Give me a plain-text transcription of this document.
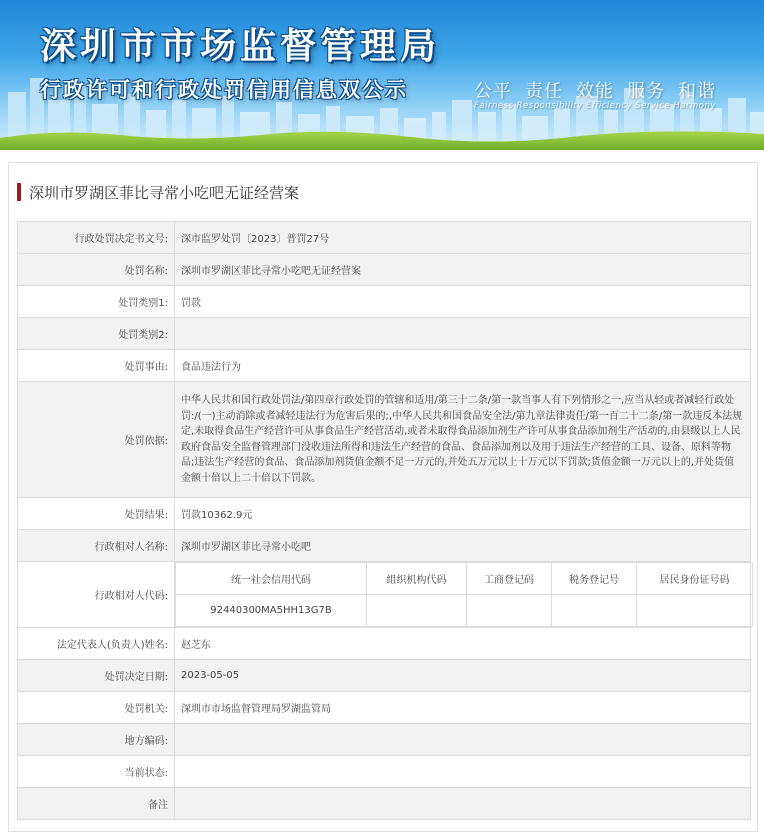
深圳市市场监督管理局
行政许可和行政处罚信用信息双公示	公平 责任 效能 服务 和谐
Fairness Responsibility Efficiency Service Harmony
深圳市罗湖区菲比寻常小吃吧无证经营案
行政处罚决定书文号:	深市监罗处罚〔2023〕普罚27号
处罚名称:	深圳市罗湖区菲比寻常小吃吧无证经营案
处罚类别1:	罚款
处罚类别2:	
处罚事由:	食品违法行为
处罚依据:	中华人民共和国行政处罚法/第四章行政处罚的管辖和适用/第三十二条/第一款当事人有下列情形之一,应当从轻或者减轻行政处罚:/(一)主动消除或者减轻违法行为危害后果的;,中华人民共和国食品安全法/第九章法律责任/第一百二十二条/第一款违反本法规定,未取得食品生产经营许可从事食品生产经营活动,或者未取得食品添加剂生产许可从事食品添加剂生产活动的,由县级以上人民政府食品安全监督管理部门没收违法所得和违法生产经营的食品、食品添加剂以及用于违法生产经营的工具、设备、原料等物品;违法生产经营的食品、食品添加剂货值金额不足一万元的,并处五万元以上十万元以下罚款;货值金额一万元以上的,并处货值金额十倍以上二十倍以下罚款。
处罚结果:	罚款10362.9元
行政相对人名称:	深圳市罗湖区菲比寻常小吃吧
行政相对人代码:	
统一社会信用代码	组织机构代码	工商登记码	税务登记号	居民身份证号码
92440300MA5HH13G7B				

法定代表人(负责人)姓名:	赵芝东
处罚决定日期:	2023-05-05
处罚机关:	深圳市市场监督管理局罗湖监管局
地方编码:	
当前状态:	
备注	
